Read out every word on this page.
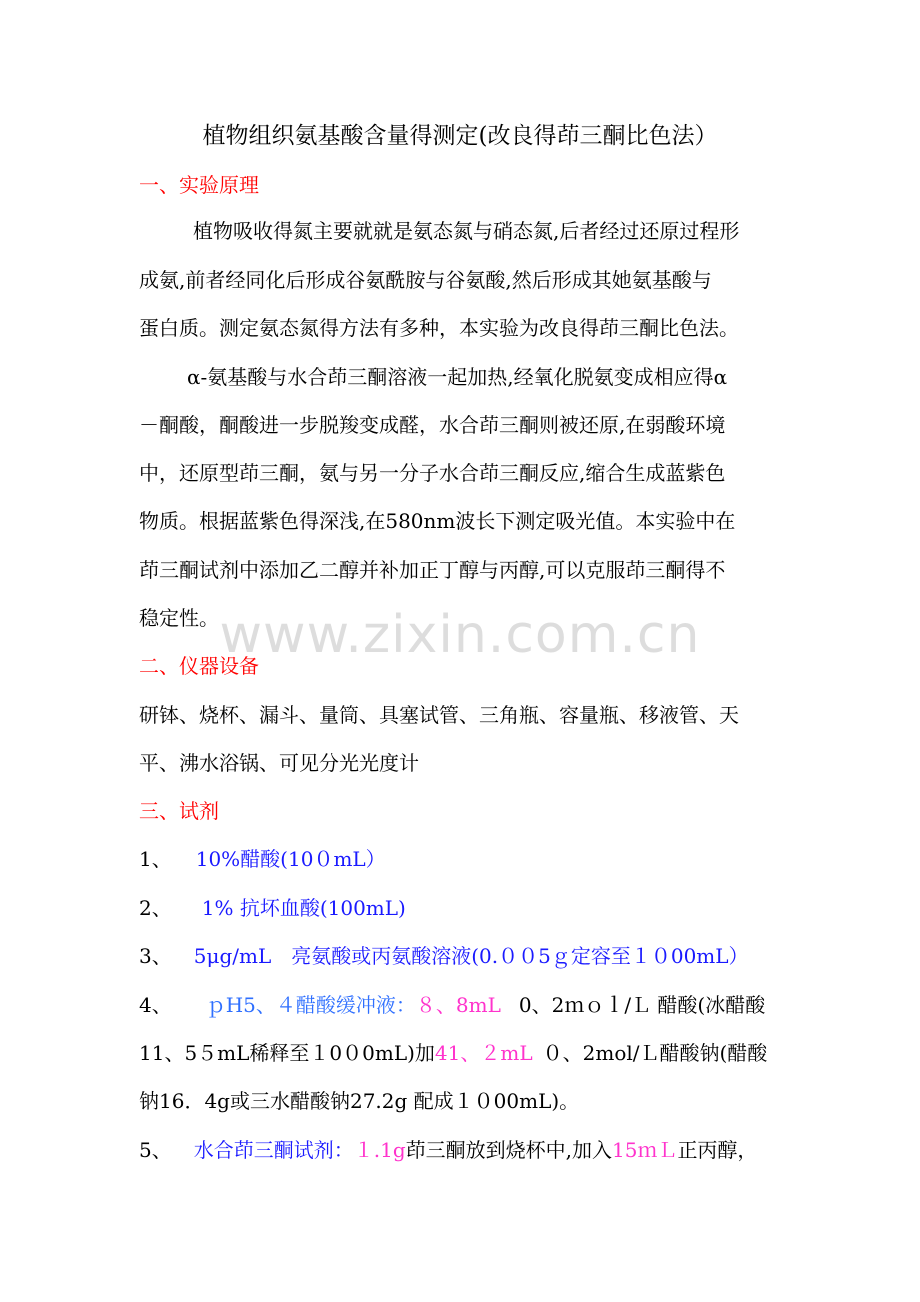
植物组织氨基酸含量得测定(改良得茚三酮比色法）
一、实验原理
植物吸收得氮主要就就是氨态氮与硝态氮,后者经过还原过程形
成氨,前者经同化后形成谷氨酰胺与谷氨酸,然后形成其她氨基酸与
蛋白质。测定氨态氮得方法有多种，本实验为改良得茚三酮比色法。
α-氨基酸与水合茚三酮溶液一起加热,经氧化脱氨变成相应得α
－酮酸，酮酸进一步脱羧变成醛，水合茚三酮则被还原,在弱酸环境
中，还原型茚三酮，氨与另一分子水合茚三酮反应,缩合生成蓝紫色
物质。根据蓝紫色得深浅,在580nm波长下测定吸光值。本实验中在
茚三酮试剂中添加乙二醇并补加正丁醇与丙醇,可以克服茚三酮得不
稳定性。 www.zixin.com.cn
二、仪器设备
研钵、烧杯、漏斗、量筒、具塞试管、三角瓶、容量瓶、移液管、天
平、沸水浴锅、可见分光光度计
三、试剂
1、 10%醋酸(10０mL）
2、 1% 抗坏血酸(100mL)
3、 5μg/mL　亮氨酸或丙氨酸溶液(0.００5ｇ定容至１０00mL）
4、 ｐH5、４醋酸缓冲液：８、8mL 0、2ｍｏｌ/Ｌ 醋酸(冰醋酸
11、5５mL稀释至１0０0mL)加41、２mL ０、2mol/Ｌ醋酸钠(醋酸
钠16．4g或三水醋酸钠27.2g 配成１０00mL)。
5、 水合茚三酮试剂：１.1g茚三酮放到烧杯中,加入15ｍＬ正丙醇，
